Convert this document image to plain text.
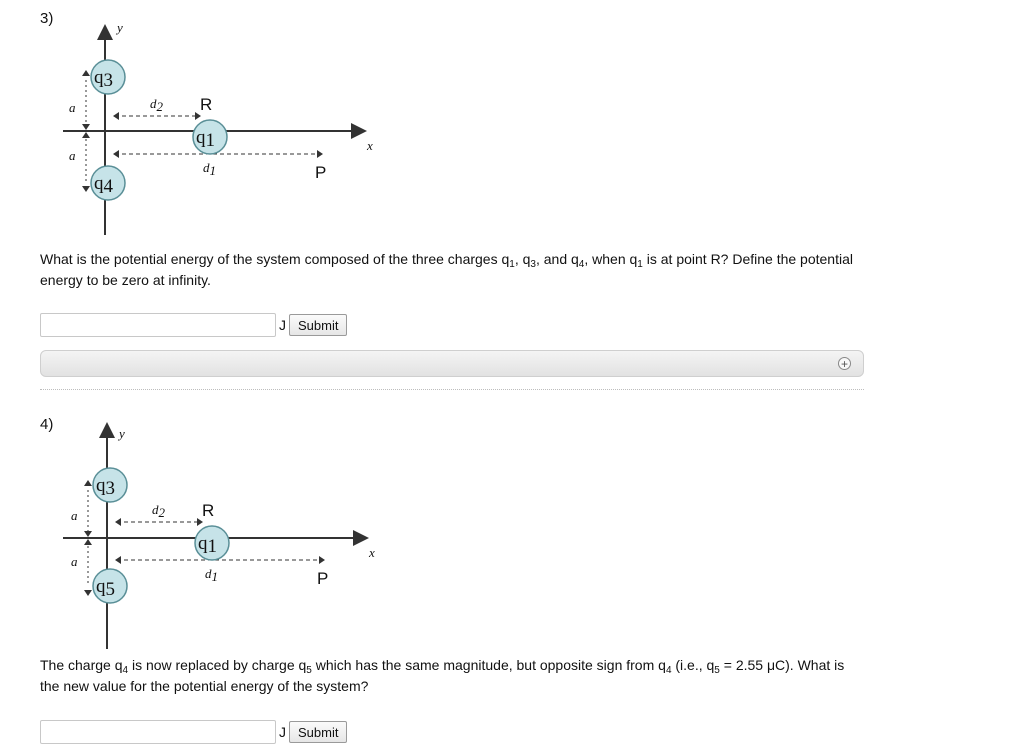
3)
y
x
a
a
d2
d1
R
P
q3
q4
q1
What is the potential energy of the system composed of the three charges $q_1$, $q_3$, and $q_4$, when $q_1$ is at point R? Define the potential energy to be zero at infinity.
J Submit
+
4)
y
x
a
a
d2
d1
R
P
q3
q5
q1
The charge $q_4$ is now replaced by charge $q_5$ which has the same magnitude, but opposite sign from $q_4$ (i.e., $q_5 = 2.55$ μC). What is the new value for the potential energy of the system?
J Submit
